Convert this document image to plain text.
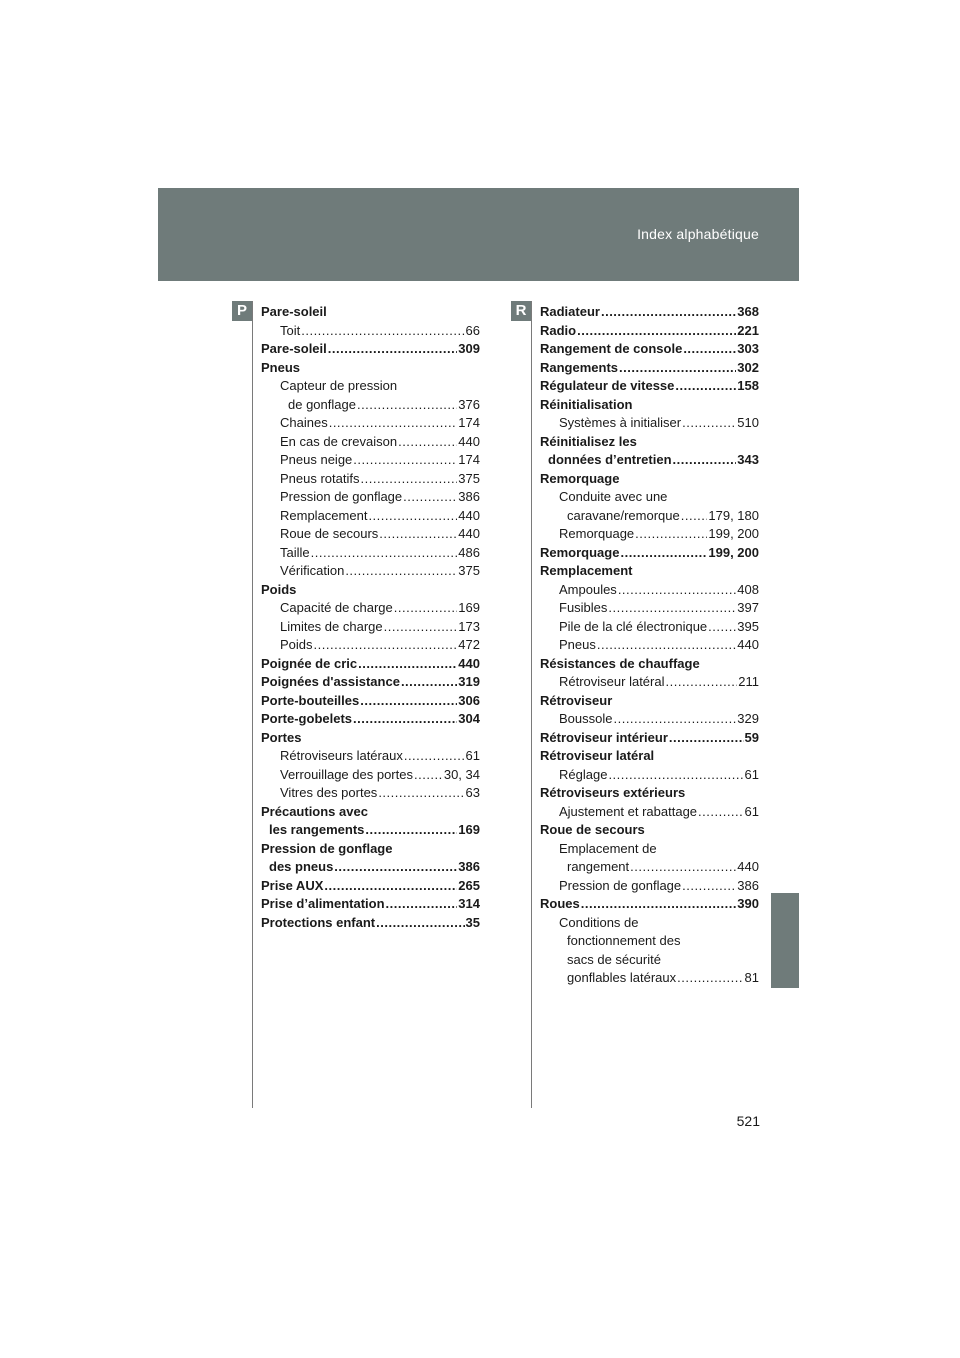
Index alphabétique
P	R
Pare-soleil
Toit .....	66
Pare-soleil .....	309
Pneus
Capteur de pression
de gonflage .....	376
Chaines .....	174
En cas de crevaison .....	440
Pneus neige .....	174
Pneus rotatifs .....	375
Pression de gonflage .....	386
Remplacement .....	440
Roue de secours .....	440
Taille .....	486
Vérification .....	375
Poids
Capacité de charge .....	169
Limites de charge .....	173
Poids .....	472
Poignée de cric .....	440
Poignées d'assistance .....	319
Porte-bouteilles .....	306
Porte-gobelets .....	304
Portes
Rétroviseurs latéraux .....	61
Verrouillage des portes ..... 30, 34
Vitres des portes .....	63
Précautions avec
les rangements .....	169
Pression de gonflage
des pneus .....	386
Prise AUX .....	265
Prise d’alimentation .....	314
Protections enfant .....	35
Radiateur .....	368
Radio .....	221
Rangement de console .....	303
Rangements .....	302
Régulateur de vitesse .....	158
Réinitialisation
Systèmes à initialiser .....	510
Réinitialisez les
données d’entretien .....	343
Remorquage
Conduite avec une
caravane/remorque ..... 179, 180
Remorquage .....	199, 200
Remorquage .....	199, 200
Remplacement
Ampoules .....	408
Fusibles .....	397
Pile de la clé électronique ..... 395
Pneus .....	440
Résistances de chauffage
Rétroviseur latéral .....	211
Rétroviseur
Boussole .....	329
Rétroviseur intérieur .....	59
Rétroviseur latéral
Réglage .....	61
Rétroviseurs extérieurs
Ajustement et rabattage .....	61
Roue de secours
Emplacement de
rangement .....	440
Pression de gonflage .....	386
Roues .....	390
Conditions de
fonctionnement des
sacs de sécurité
gonflables latéraux .....	81
521
